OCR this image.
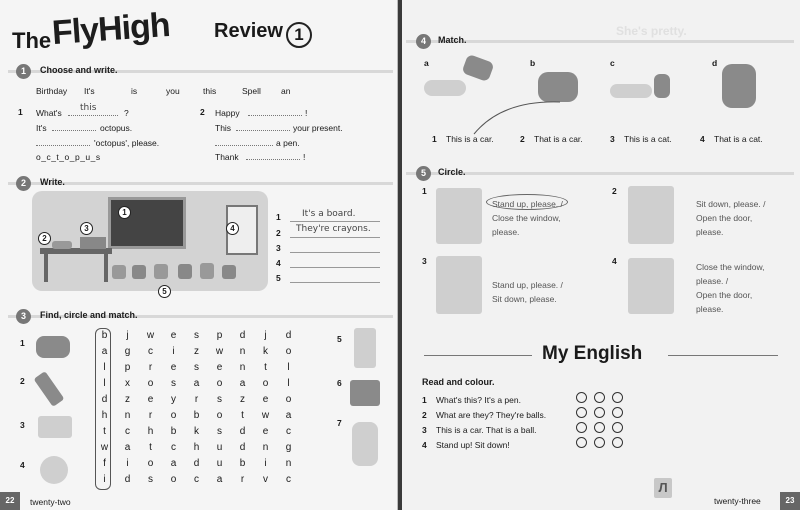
The FlyHigh Review 1
1	Choose and write.
Birthday It's	is	you	this	Spell an
1 What's this	?
It's	octopus.
'octopus', please.
o_c_t_o_p_u_s
2 Happy	!
This	your present.
a pen.
Thank	!
2	Write.
1
2
3	4
5
1 It's a board.
2 They're crayons.
3
4
5
3	Find, circle and match.
1
2
3
4
b	j	w	e	s	p	d	j	d
a	g	c	i	z	w	n	k	o
l	p	r	e	s	e	n	t	l
l	x	o	s	a	o	a	o	l
d	z	e	y	r	s	z	e	o
h	n	r	o	b	o	t	w	a
t	c	h	b	k	s	d	e	c
w	a	t	c	h	u	d	n	g
f	i	o	a	d	u	b	i	n
i	d	s	o	c	a	r	v	c
5
6
7
22	twenty-two
She's pretty.
4	Match.
a	b	c	d
1 This is a car.	2 That is a car.	3 This is a cat.	4 That is a cat.
5	Circle.
1
Stand up, please. /
Close the window,
please.
2
Sit down, please. /
Open the door,
please.
3
Stand up, please. /
Sit down, please.
4
Close the window,
please. /
Open the door,
please.
My English
Read and colour.
1 What's this? It's a pen.
2 What are they? They're balls.
3 This is a car. That is a ball.
4 Stand up! Sit down!
twenty-three	23
Л
